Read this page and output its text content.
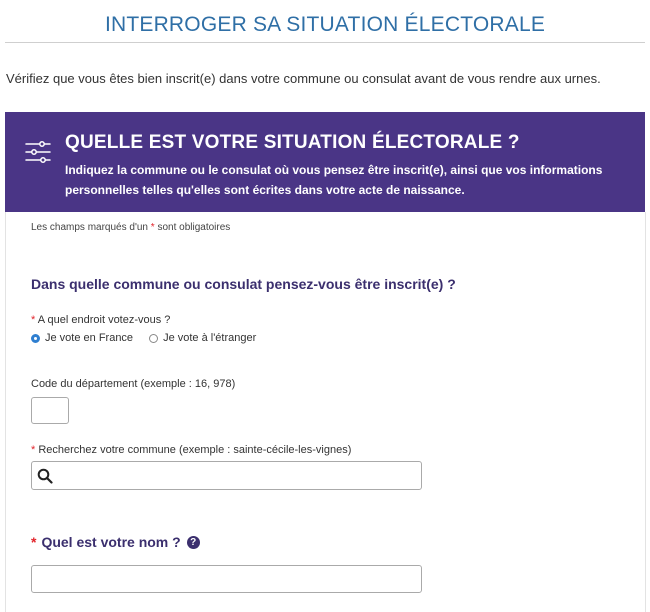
INTERROGER SA SITUATION ÉLECTORALE
Vérifiez que vous êtes bien inscrit(e) dans votre commune ou consulat avant de vous rendre aux urnes.
QUELLE EST VOTRE SITUATION ÉLECTORALE ?
Indiquez la commune ou le consulat où vous pensez être inscrit(e), ainsi que vos informations personnelles telles qu'elles sont écrites dans votre acte de naissance.
Les champs marqués d'un * sont obligatoires
Dans quelle commune ou consulat pensez-vous être inscrit(e) ?
* A quel endroit votez-vous ?
Je vote en France	Je vote à l'étranger
Code du département (exemple : 16, 978)
* Recherchez votre commune (exemple : sainte-cécile-les-vignes)
* Quel est votre nom ? ?
